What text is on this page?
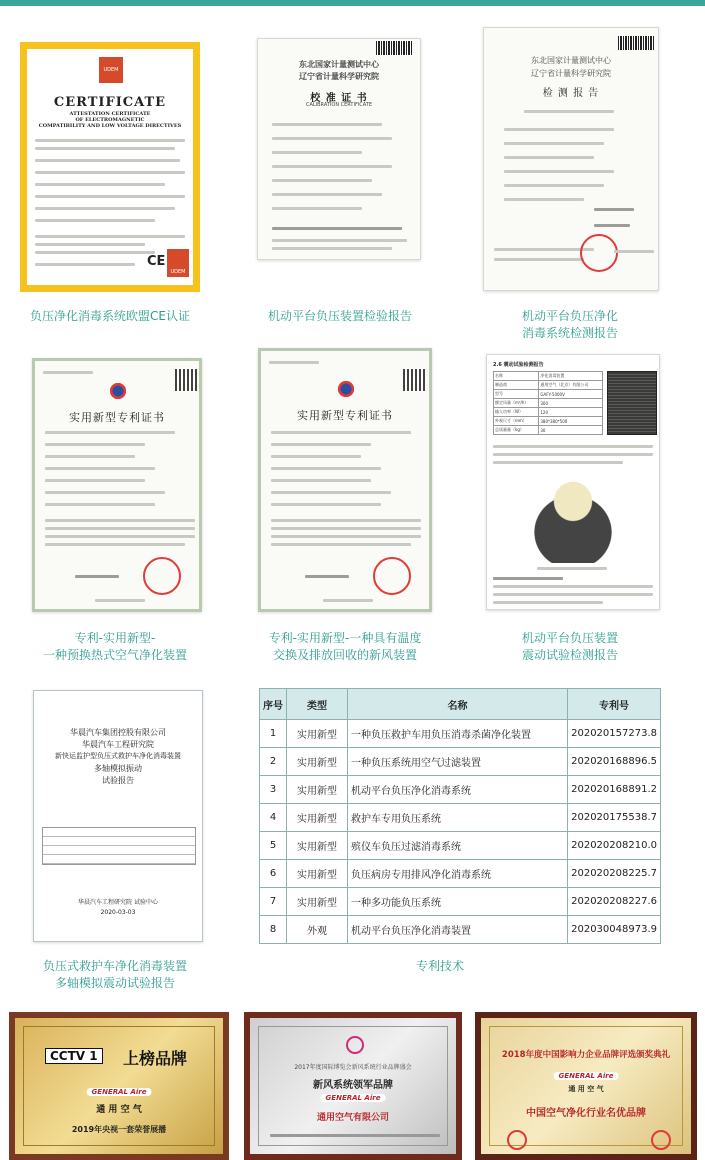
UDEM
CERTIFICATE
ATTESTATION CERTIFICATE
OF ELECTROMAGNETIC
COMPATIBILITY AND LOW VOLTAGE DIRECTIVES
CE
UDEM
负压净化消毒系统欧盟CE认证
东北国家计量测试中心
辽宁省计量科学研究院
校 准 证 书
CALIBRATION CERTIFICATE
机动平台负压装置检验报告
东北国家计量测试中心
辽宁省计量科学研究院
检 测 报 告
机动平台负压净化
消毒系统检测报告
实用新型专利证书
专利-实用新型-
一种预换热式空气净化装置
实用新型专利证书
专利-实用新型-一种具有温度
交换及排放回收的新风装置
2.6 震动试验检测报告
名称	净化消毒装置
制造商	通用空气（北京）有限公司
型号	GAFY-5000V
额定风量（m³/h）	300
输入功率（W）	120
外观尺寸（mm）	380*380*500
总质量量（kg）	30
机动平台负压装置
震动试验检测报告
华晨汽车集团控股有限公司
华晨汽车工程研究院
新快运监护型负压式救护车净化消毒装置
多轴模拟振动
试验报告
华晨汽车工程研究院 试验中心
2020-03-03
负压式救护车净化消毒装置
多轴模拟震动试验报告
序号	类型	名称	专利号
1	实用新型	一种负压救护车用负压消毒杀菌净化装置	202020157273.8
2	实用新型	一种负压系统用空气过滤装置	202020168896.5
3	实用新型	机动平台负压净化消毒系统	202020168891.2
4	实用新型	救护车专用负压系统	202020175538.7
5	实用新型	殡仪车负压过滤消毒系统	202020208210.0
6	实用新型	负压病房专用排风净化消毒系统	202020208225.7
7	实用新型	一种多功能负压系统	202020208227.6
8	外观	机动平台负压净化消毒装置	202030048973.9
专利技术
CCTV 1	上榜品牌
GENERAL Aire
通 用 空 气
2019年央视一套荣誉展播
2017年度国际博览会新风系统行业品牌盛会
新风系统领军品牌
GENERAL Aire
通用空气有限公司
2018年度中国影响力企业品牌评选颁奖典礼
GENERAL Aire
通 用 空 气
中国空气净化行业名优品牌
